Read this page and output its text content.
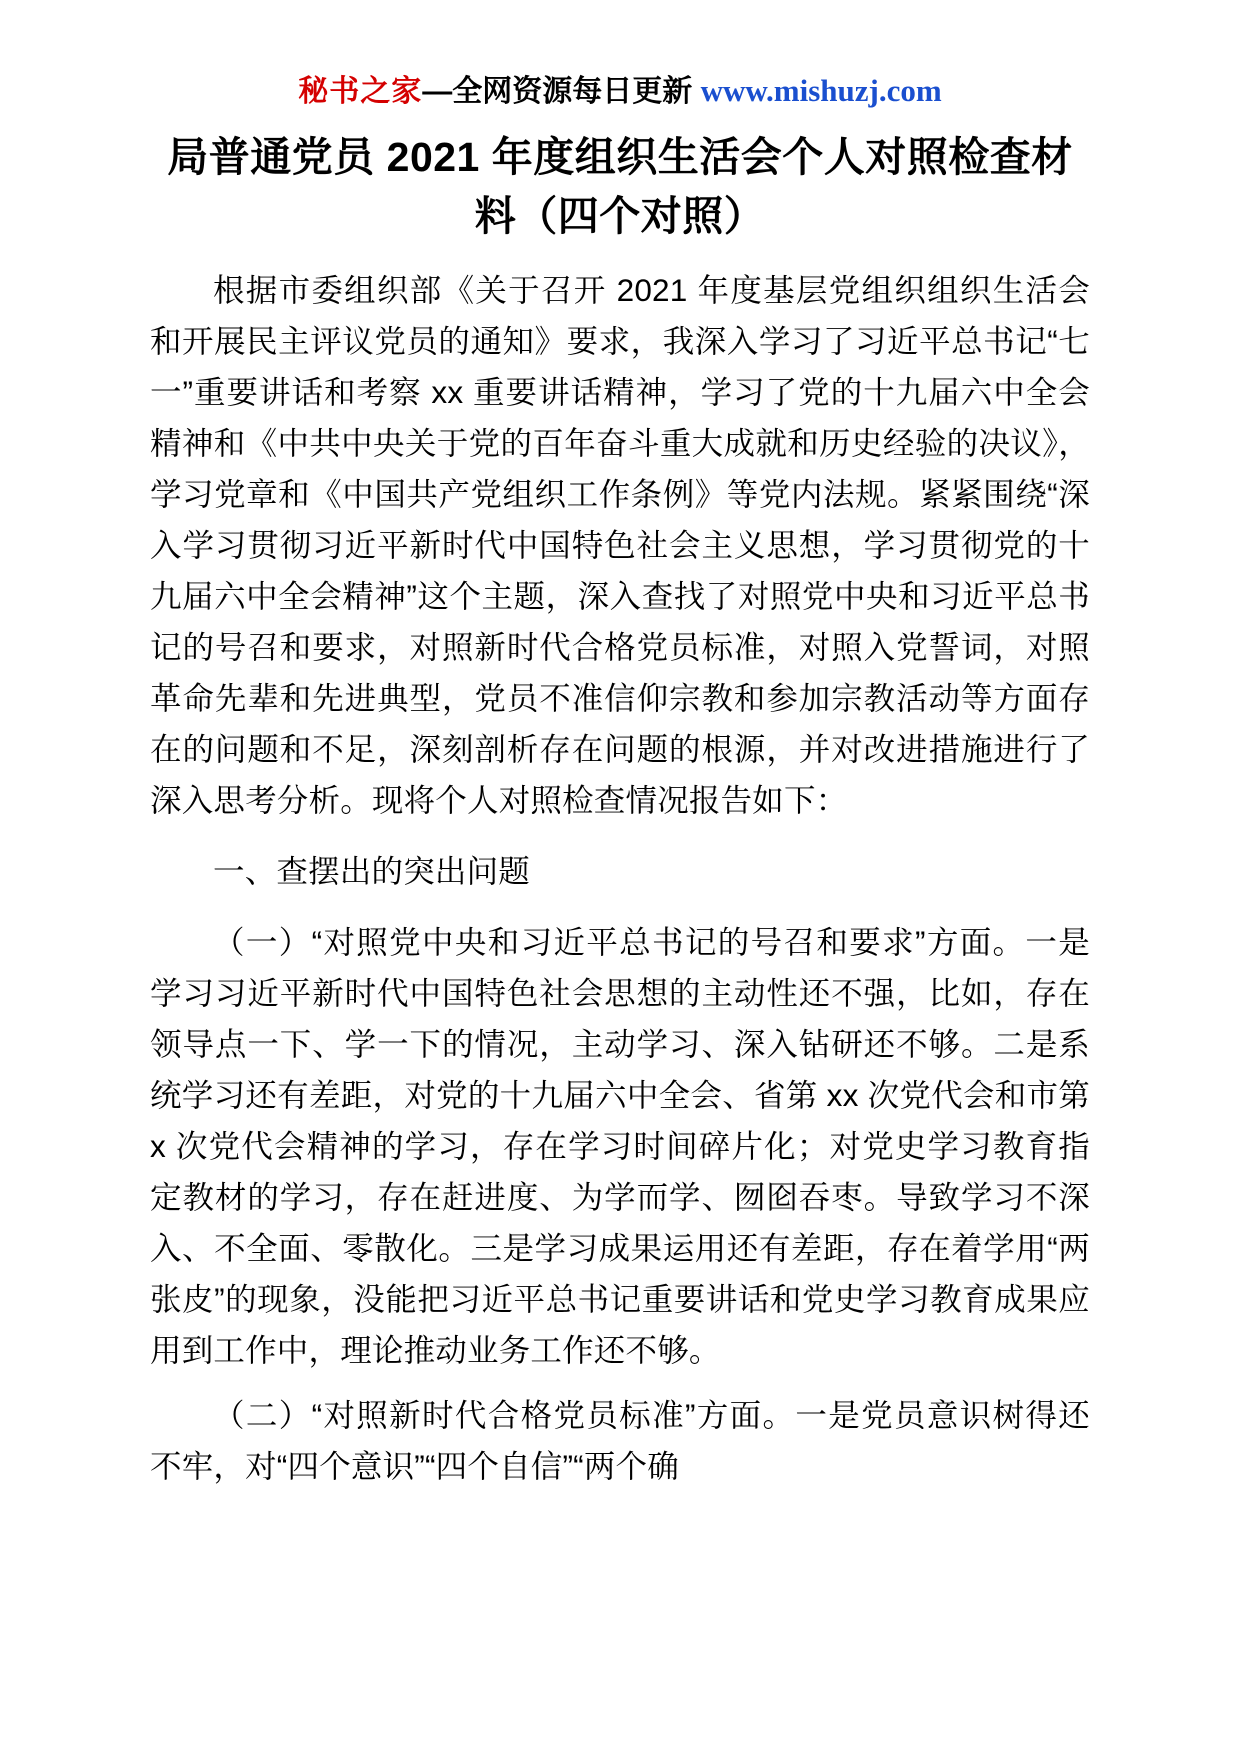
秘书之家—全网资源每日更新 www.mishuzj.com
局普通党员 2021 年度组织生活会个人对照检查材料（四个对照）

根据市委组织部《关于召开 2021 年度基层党组织组织生活会和开展民主评议党员的通知》要求，我深入学习了习近平总书记“七一”重要讲话和考察 xx 重要讲话精神，学习了党的十九届六中全会精神和《中共中央关于党的百年奋斗重大成就和历史经验的决议》，学习党章和《中国共产党组织工作条例》等党内法规。紧紧围绕“深入学习贯彻习近平新时代中国特色社会主义思想，学习贯彻党的十九届六中全会精神”这个主题，深入查找了对照党中央和习近平总书记的号召和要求，对照新时代合格党员标准，对照入党誓词，对照革命先辈和先进典型，党员不准信仰宗教和参加宗教活动等方面存在的问题和不足，深刻剖析存在问题的根源，并对改进措施进行了深入思考分析。现将个人对照检查情况报告如下：

一、查摆出的突出问题

（一）“对照党中央和习近平总书记的号召和要求”方面。一是学习习近平新时代中国特色社会思想的主动性还不强，比如，存在领导点一下、学一下的情况，主动学习、深入钻研还不够。二是系统学习还有差距，对党的十九届六中全会、省第 xx 次党代会和市第 x 次党代会精神的学习，存在学习时间碎片化；对党史学习教育指定教材的学习，存在赶进度、为学而学、囫囵吞枣。导致学习不深入、不全面、零散化。三是学习成果运用还有差距，存在着学用“两张皮”的现象，没能把习近平总书记重要讲话和党史学习教育成果应用到工作中，理论推动业务工作还不够。

（二）“对照新时代合格党员标准”方面。一是党员意识树得还不牢，对“四个意识”“四个自信”“两个确
